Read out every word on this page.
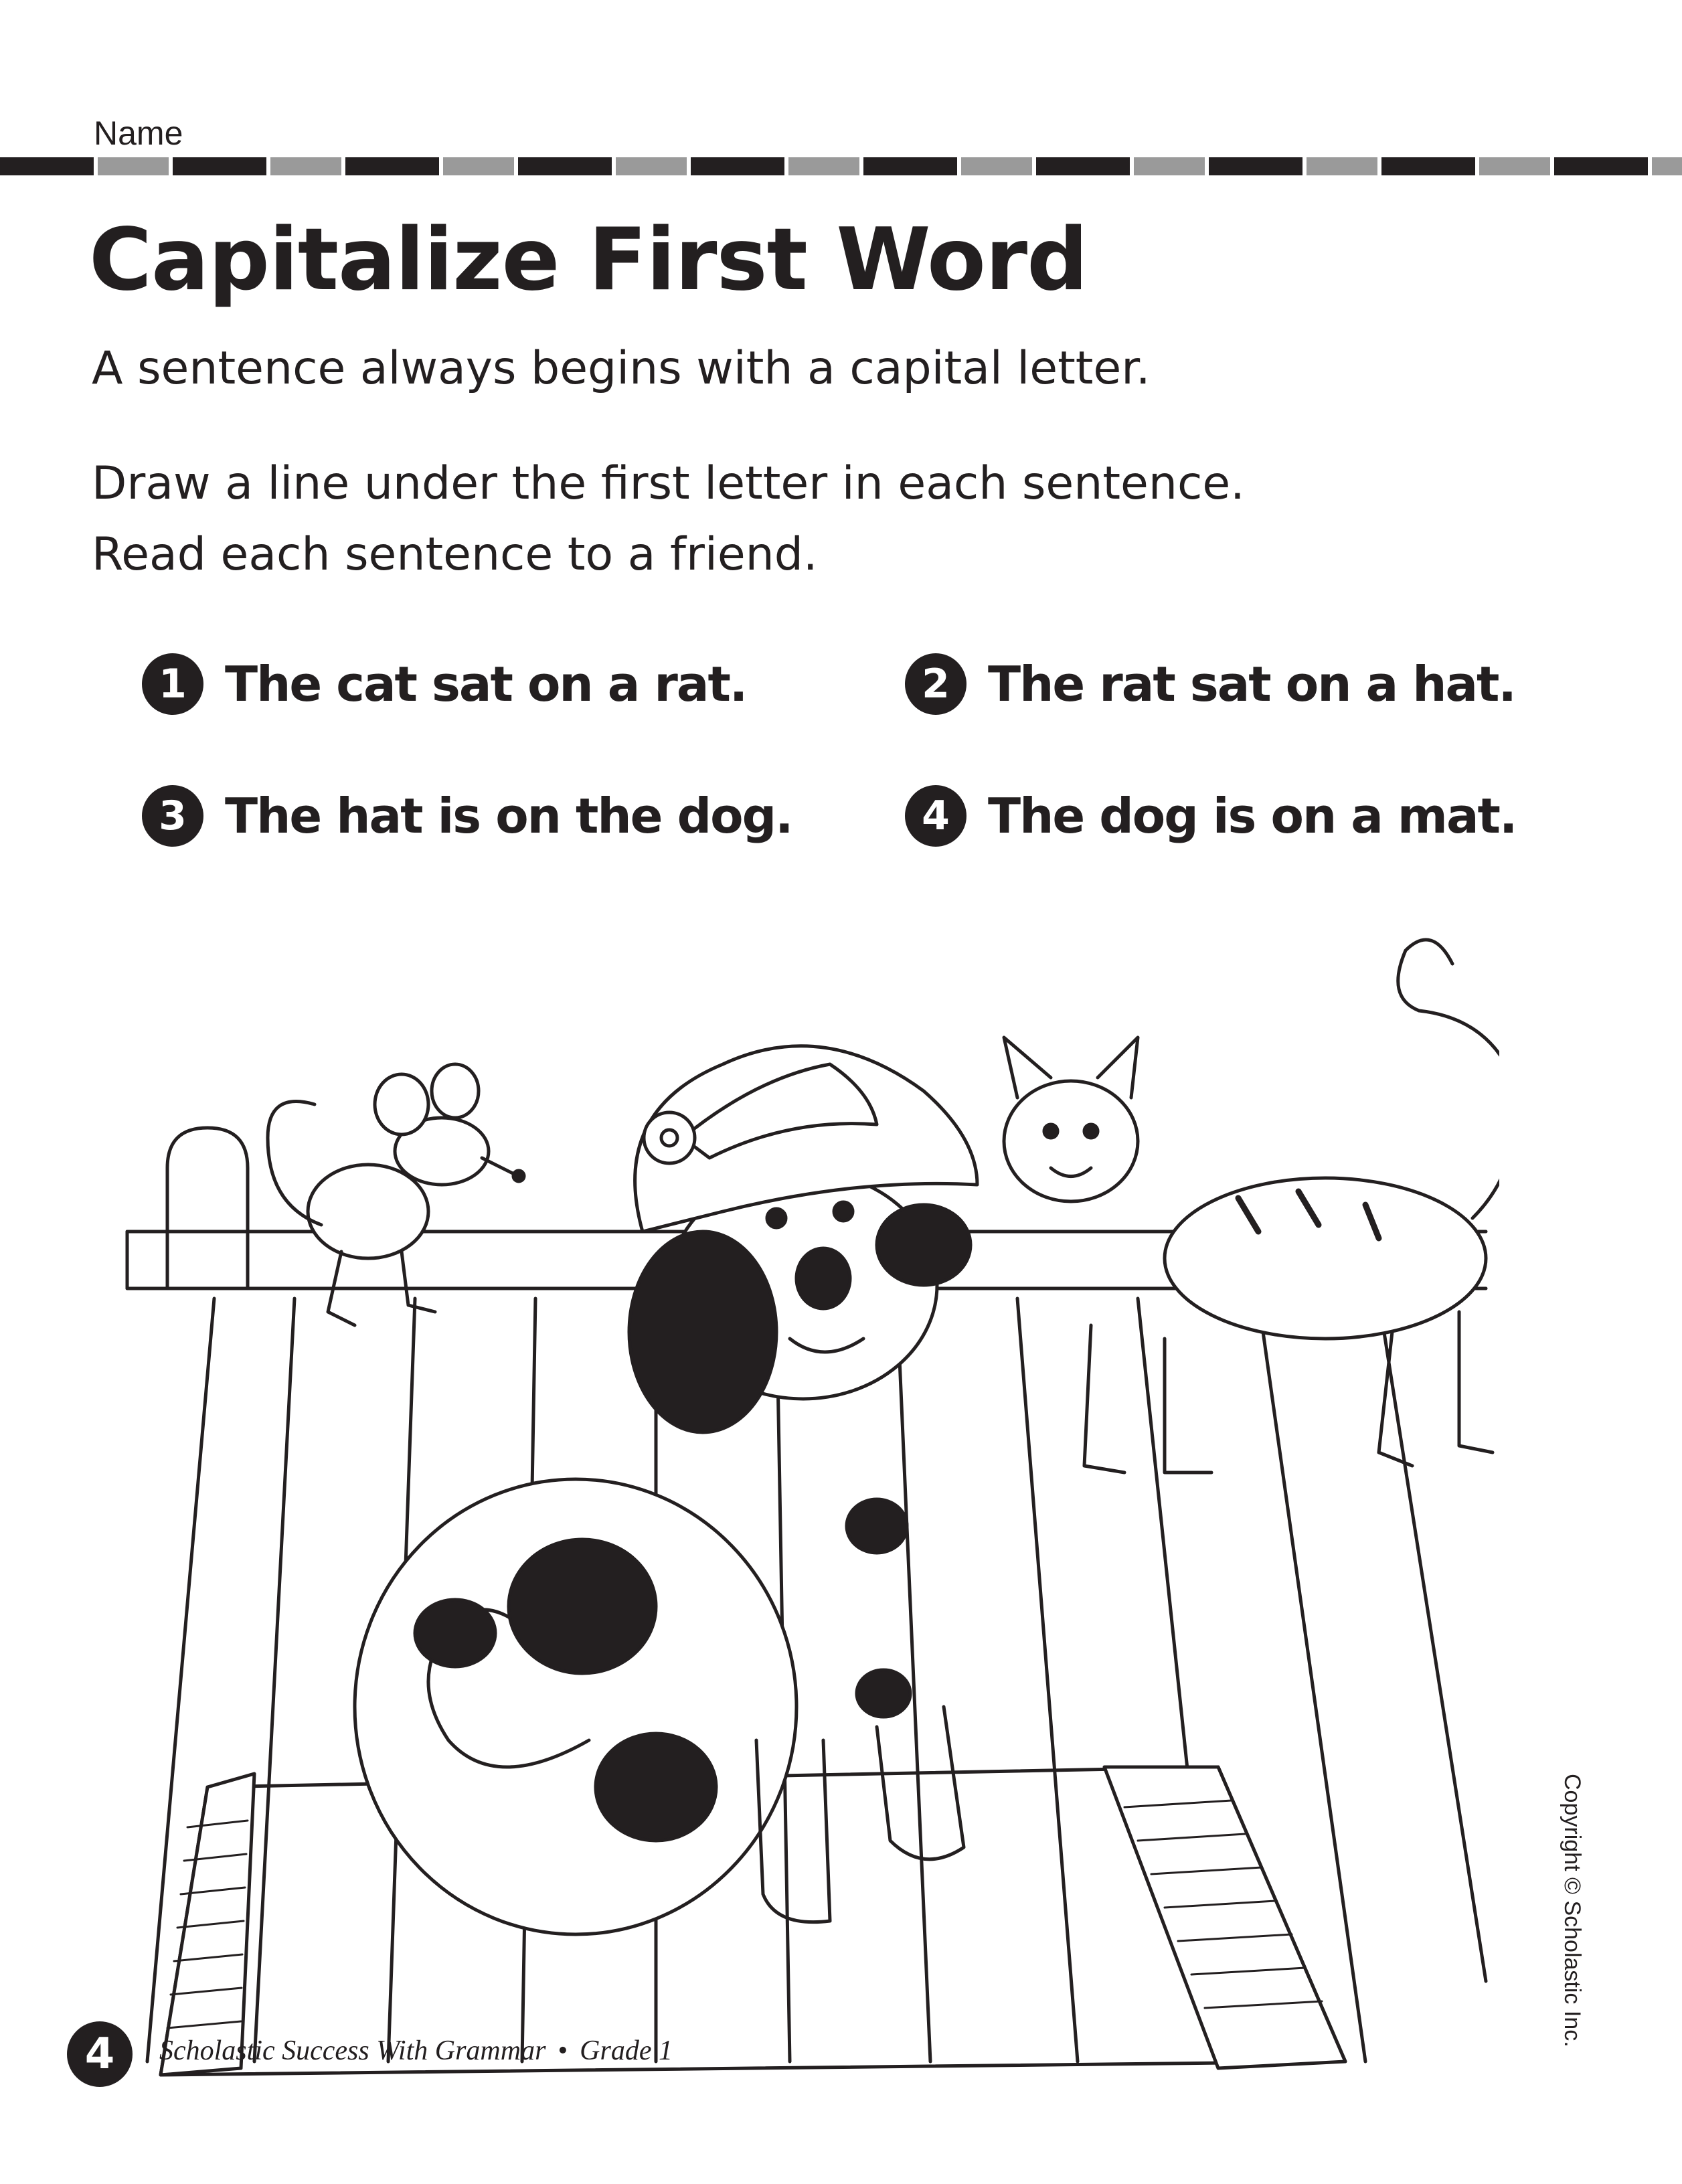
Name
Capitalize First Word

A sentence always begins with a capital letter.

Draw a line under the first letter in each sentence.
Read each sentence to a friend.
1 The cat sat on a rat.	2 The rat sat on a hat.
3 The hat is on the dog.	4 The dog is on a mat.
Copyright © Scholastic Inc.
4	Scholastic Success With Grammar • Grade 1
